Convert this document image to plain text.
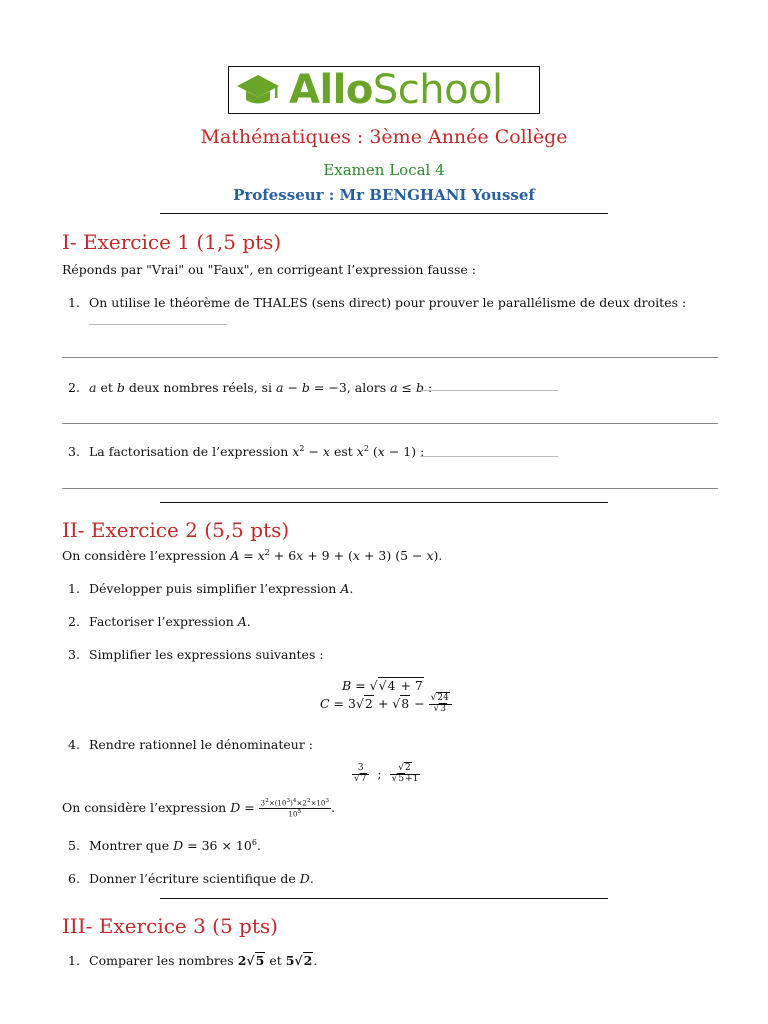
AlloSchool
Mathématiques : 3ème Année Collège
Examen Local 4
Professeur : Mr BENGHANI Youssef
I- Exercice 1 (1,5 pts)
Réponds par "Vrai" ou "Faux", en corrigeant l’expression fausse :
1. On utilise le théorème de THALES (sens direct) pour prouver le parallélisme de deux droites :
2. a et b deux nombres réels, si a − b = −3, alors a ≤ b :
3. La factorisation de l’expression $x^2 - x$ est $x^2$ (x − 1) :
II- Exercice 2 (5,5 pts)
On considère l’expression $A = x^2 + 6x + 9 + (x + 3) (5 - x)$.
1. Développer puis simplifier l’expression A.
2. Factoriser l’expression A.
3. Simplifier les expressions suivantes :
B = √√4 + 7
$C = 3√2 + √8 - \frac{√24}{√3}$
4. Rendre rationnel le dénominateur :
$\frac{3}{√7}$ ; $\frac{√2}{√5+1}$
On considère l’expression $D = \frac{3^2\times(10^3)^4\times 2^2\times 10^3}{10^5}$ .
5. Montrer que $D = 36 \times 10^6$.
6. Donner l’écriture scientifique de D.
III- Exercice 3 (5 pts)
1. Comparer les nombres 2√5 et 5√2.
